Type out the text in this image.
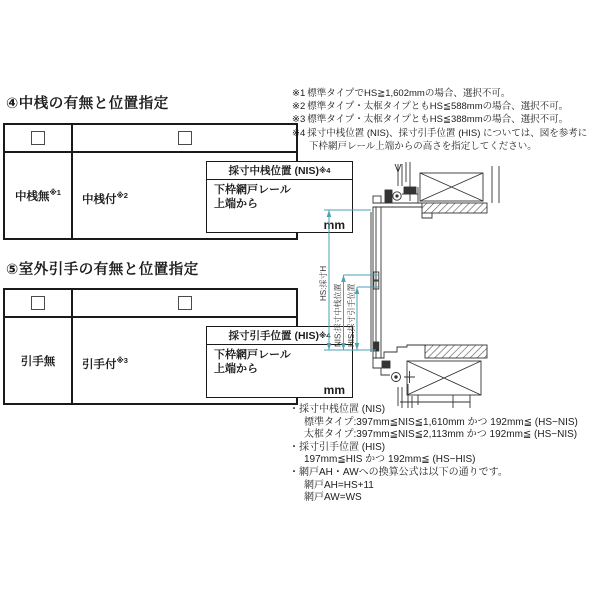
④中桟の有無と位置指定
中桟無$^{※1}$
中桟付$^{※2}$
採寸中桟位置 (NIS) ※4
下枠網戸レール
上端から
mm
⑤室外引手の有無と位置指定
引手無 引手付$^{※3}$
採寸引手位置 (HIS) ※4
下枠網戸レール
上端から
mm
※1 標準タイプでHS≧1,602mmの場合、選択不可。
※2 標準タイプ・太框タイプともHS≦588mmの場合、選択不可。
※3 標準タイプ・太框タイプともHS≦388mmの場合、選択不可。
※4 採寸中桟位置 (NIS)、採寸引手位置 (HIS) については、図を参考に
下枠網戸レール上端からの高さを指定してください。
HS:採寸H NIS:採寸中桟位置 HIS:採寸引手位置
・採寸中桟位置 (NIS)
標準タイプ:397mm≦NIS≦1,610mm かつ 192mm≦ (HS−NIS)
太框タイプ:397mm≦NIS≦2,113mm かつ 192mm≦ (HS−NIS)
・採寸引手位置 (HIS)
197mm≦HIS かつ 192mm≦ (HS−HIS)
・網戸AH・AWへの換算公式は以下の通りです。
網戸AH=HS+11
網戸AW=WS
